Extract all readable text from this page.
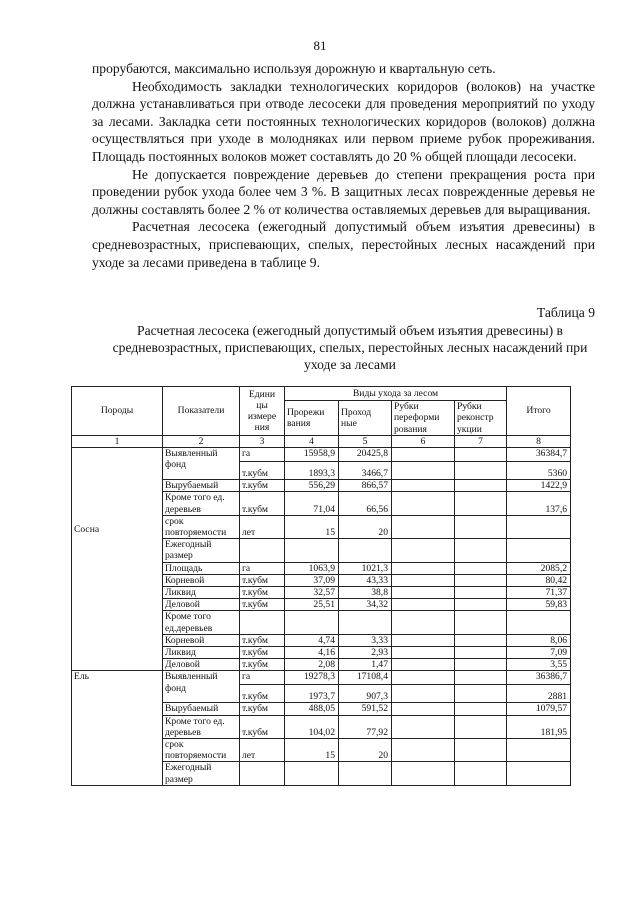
81

прорубаются, максимально используя дорожную и квартальную сеть.

Необходимость закладки технологических коридоров (волоков) на участке должна устанавливаться при отводе лесосеки для проведения мероприятий по уходу за лесами. Закладка сети постоянных технологических коридоров (волоков) должна осуществляться при уходе в молодняках или первом приеме рубок прореживания. Площадь постоянных волоков может составлять до 20 % общей площади лесосеки.

Не допускается повреждение деревьев до степени прекращения роста при проведении рубок ухода более чем 3 %. В защитных лесах поврежденные деревья не должны составлять более 2 % от количества оставляемых деревьев для выращивания.

Расчетная лесосека (ежегодный допустимый объем изъятия древесины) в средневозрастных, приспевающих, спелых, перестойных лесных насаждений при уходе за лесами приведена в таблице 9.

Таблица 9
Расчетная лесосека (ежегодный допустимый объем изъятия древесины) в средневозрастных, приспевающих, спелых, перестойных лесных насаждений при уходе за лесами
Породы	Показатели	Едини цы измере ния	Виды ухода за лесом				Итого
			Прорежи вания	Проход ные	Рубки переформи рования	Рубки реконстр укции	
1	2	3	4	5	6	7	8
Сосна	Выявленный фонд	га	15958,9	20425,8			36384,7
		т.кубм	1893,3	3466,7			5360
	Вырубаемый	т.кубм	556,29	866,57			1422,9
	Кроме того ед. деревьев	т.кубм	71,04	66,56			137,6
	срок повторяемости	лет	15	20			
	Ежегодный размер						
	Площадь	га	1063,9	1021,3			2085,2
	Корневой	т.кубм	37,09	43,33			80,42
	Ликвид	т.кубм	32,57	38,8			71,37
	Деловой	т.кубм	25,51	34,32			59,83
	Кроме того ед.деревьев						
	Корневой	т.кубм	4,74	3,33			8,06
	Ликвид	т.кубм	4,16	2,93			7,09
	Деловой	т.кубм	2,08	1,47			3,55
Ель	Выявленный фонд	га	19278,3	17108,4			36386,7
		т.кубм	1973,7	907,3			2881
	Вырубаемый	т.кубм	488,05	591,52			1079,57
	Кроме того ед. деревьев	т.кубм	104,02	77,92			181,95
	срок повторяемости	лет	15	20			
	Ежегодный размер						
